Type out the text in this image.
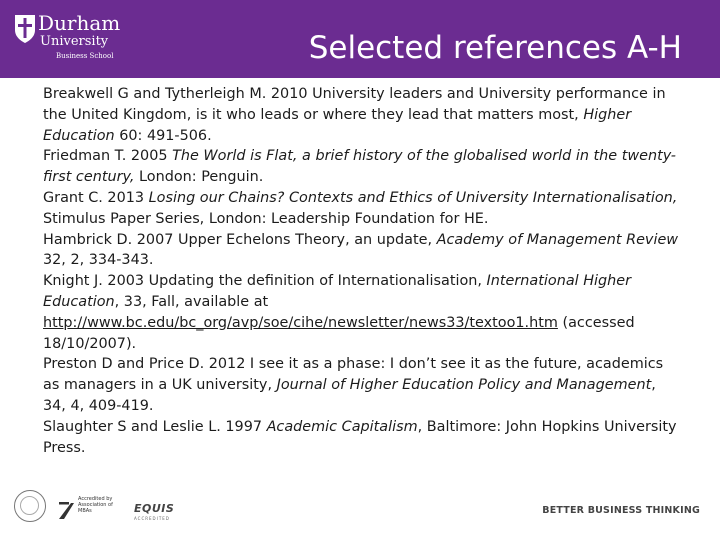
Durham
University
Business School	Selected references A-H

Breakwell G and Tytherleigh M. 2010 University leaders and University performance in the United Kingdom, is it who leads or where they lead that matters most, Higher Education 60: 491-506.

Friedman T. 2005 The World is Flat, a brief history of the globalised world in the twenty-first century, London: Penguin.

Grant C. 2013 Losing our Chains? Contexts and Ethics of University Internationalisation, Stimulus Paper Series, London: Leadership Foundation for HE.

Hambrick D. 2007 Upper Echelons Theory, an update, Academy of Management Review 32, 2, 334-343.

Knight J. 2003 Updating the definition of Internationalisation, International Higher Education, 33, Fall, available at http://www.bc.edu/bc_org/avp/soe/cihe/newsletter/news33/textoo1.htm (accessed 18/10/2007).

Preston D and Price D. 2012 I see it as a phase: I don’t see it as the future, academics as managers in a UK university, Journal of Higher Education Policy and Management, 34, 4, 409-419.

Slaughter S and Leslie L. 1997 Academic Capitalism, Baltimore: John Hopkins University Press.

Accredited by Association of MBAs	EQUIS
ACCREDITED
BETTER BUSINESS THINKING
